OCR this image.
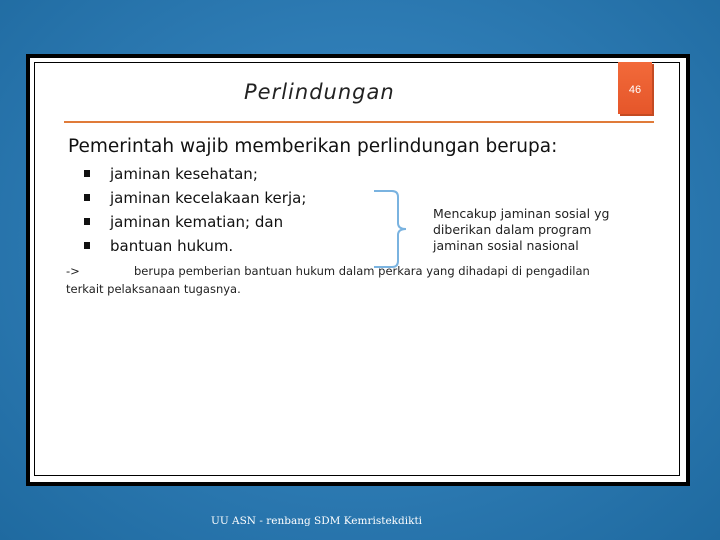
46
Perlindungan
Pemerintah wajib memberikan perlindungan berupa:
jaminan kesehatan;
jaminan kecelakaan kerja;
jaminan kematian; dan
bantuan hukum.
Mencakup jaminan sosial yg diberikan dalam program jaminan sosial nasional
->	berupa pemberian bantuan hukum dalam perkara yang dihadapi di pengadilan terkait pelaksanaan tugasnya.
UU ASN - renbang SDM Kemristekdikti
